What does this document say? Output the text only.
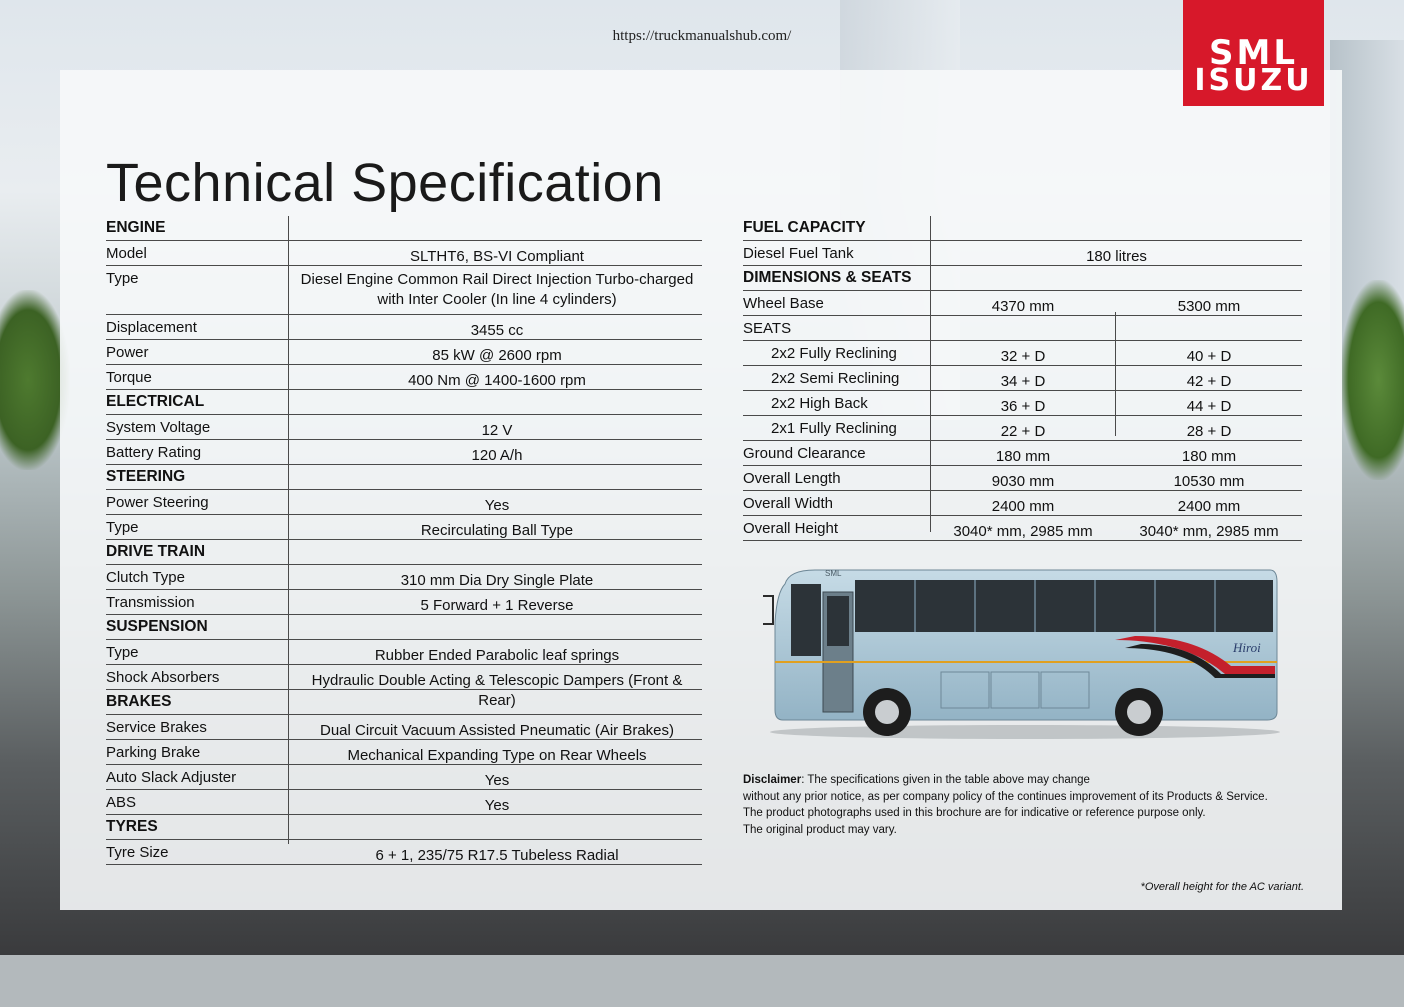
https://truckmanualshub.com/	SML
ISUZU
Technical Specification
ENGINE
Model	SLTHT6, BS-VI Compliant
Type	Diesel Engine Common Rail Direct Injection Turbo-charged with Inter Cooler (In line 4 cylinders)
Displacement	3455 cc
Power	85 kW @ 2600 rpm
Torque	400 Nm @ 1400-1600 rpm
ELECTRICAL
System Voltage	12 V
Battery Rating	120 A/h
STEERING
Power Steering	Yes
Type	Recirculating Ball Type
DRIVE TRAIN
Clutch Type	310 mm Dia Dry Single Plate
Transmission	5 Forward + 1 Reverse
SUSPENSION
Type	Rubber Ended Parabolic leaf springs
Shock Absorbers	Hydraulic Double Acting & Telescopic Dampers (Front & Rear)
BRAKES
Service Brakes	Dual Circuit Vacuum Assisted Pneumatic (Air Brakes)
Parking Brake	Mechanical Expanding Type on Rear Wheels
Auto Slack Adjuster	Yes
ABS	Yes
TYRES
Tyre Size	6 + 1, 235/75 R17.5 Tubeless Radial
FUEL CAPACITY
Diesel Fuel Tank	180 litres
DIMENSIONS & SEATS
Wheel Base	4370 mm	5300 mm
SEATS
2x2 Fully Reclining	32 + D	40 + D
2x2 Semi Reclining	34 + D	42 + D
2x2 High Back	36 + D	44 + D
2x1 Fully Reclining	22 + D	28 + D
Ground Clearance	180 mm	180 mm
Overall Length	9030 mm	10530 mm
Overall Width	2400 mm	2400 mm
Overall Height	3040* mm, 2985 mm	3040* mm, 2985 mm
Hiroi
SML
Disclaimer: The specifications given in the table above may change
without any prior notice, as per company policy of the continues improvement of its Products & Service.
The product photographs used in this brochure are for indicative or reference purpose only.
The original product may vary.
*Overall height for the AC variant.
